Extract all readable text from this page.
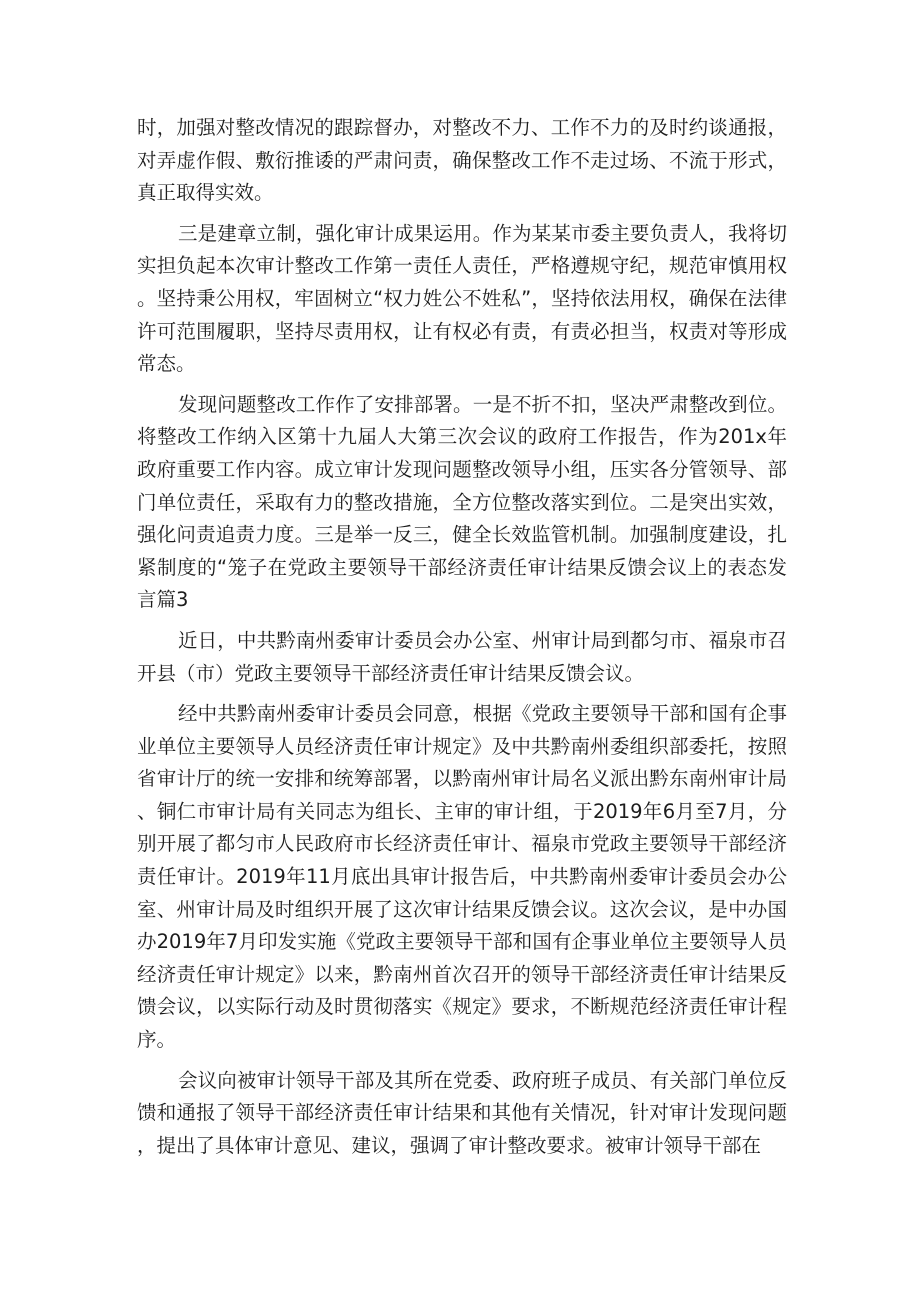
时，加强对整改情况的跟踪督办，对整改不力、工作不力的及时约谈通报，对弄虚作假、敷衍推诿的严肃问责，确保整改工作不走过场、不流于形式，真正取得实效。

三是建章立制，强化审计成果运用。作为某某市委主要负责人，我将切实担负起本次审计整改工作第一责任人责任，严格遵规守纪，规范审慎用权。坚持秉公用权，牢固树立“权力姓公不姓私”，坚持依法用权，确保在法律许可范围履职，坚持尽责用权，让有权必有责，有责必担当，权责对等形成常态。

发现问题整改工作作了安排部署。一是不折不扣，坚决严肃整改到位。将整改工作纳入区第十九届人大第三次会议的政府工作报告，作为201x年政府重要工作内容。成立审计发现问题整改领导小组，压实各分管领导、部门单位责任，采取有力的整改措施，全方位整改落实到位。二是突出实效，强化问责追责力度。三是举一反三，健全长效监管机制。加强制度建设，扎紧制度的“笼子在党政主要领导干部经济责任审计结果反馈会议上的表态发言篇3

近日，中共黔南州委审计委员会办公室、州审计局到都匀市、福泉市召开县（市）党政主要领导干部经济责任审计结果反馈会议。

经中共黔南州委审计委员会同意，根据《党政主要领导干部和国有企事业单位主要领导人员经济责任审计规定》及中共黔南州委组织部委托，按照省审计厅的统一安排和统筹部署，以黔南州审计局名义派出黔东南州审计局、铜仁市审计局有关同志为组长、主审的审计组，于2019年6月至7月，分别开展了都匀市人民政府市长经济责任审计、福泉市党政主要领导干部经济责任审计。2019年11月底出具审计报告后，中共黔南州委审计委员会办公室、州审计局及时组织开展了这次审计结果反馈会议。这次会议，是中办国办2019年7月印发实施《党政主要领导干部和国有企事业单位主要领导人员经济责任审计规定》以来，黔南州首次召开的领导干部经济责任审计结果反馈会议，以实际行动及时贯彻落实《规定》要求，不断规范经济责任审计程序。

会议向被审计领导干部及其所在党委、政府班子成员、有关部门单位反馈和通报了领导干部经济责任审计结果和其他有关情况，针对审计发现问题，提出了具体审计意见、建议，强调了审计整改要求。被审计领导干部在
